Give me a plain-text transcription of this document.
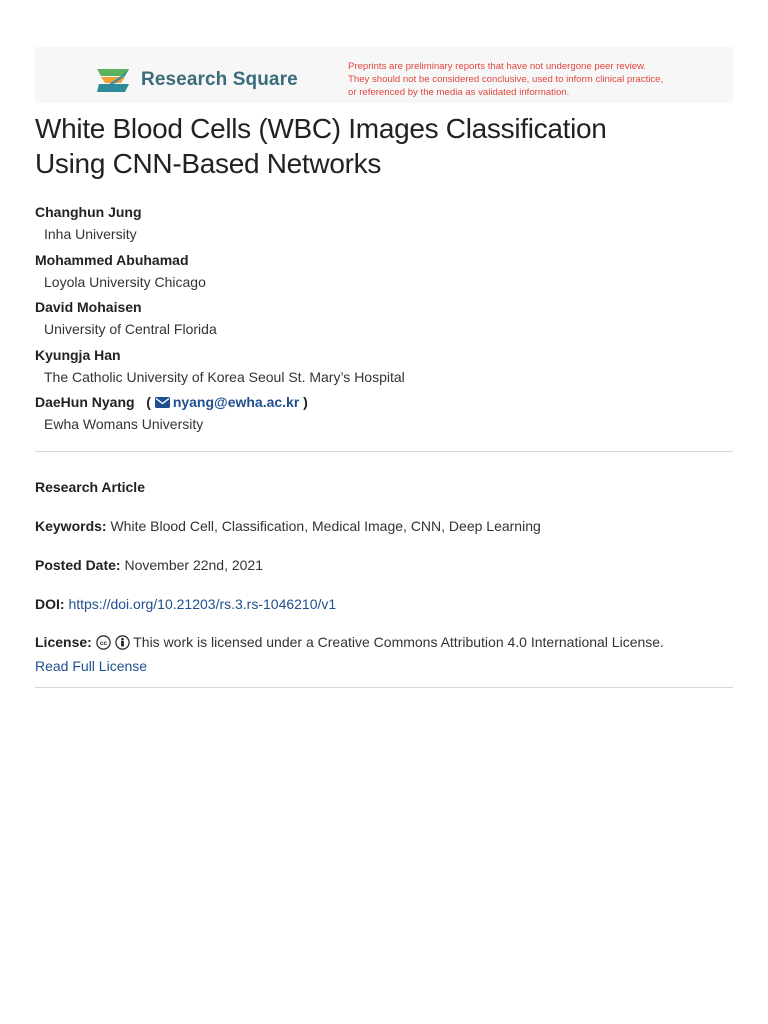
Research Square
Preprints are preliminary reports that have not undergone peer review.
They should not be considered conclusive, used to inform clinical practice,
or referenced by the media as validated information.
White Blood Cells (WBC) Images Classification
Using CNN-Based Networks
Changhun Jung
Inha University
Mohammed Abuhamad
Loyola University Chicago
David Mohaisen
University of Central Florida
Kyungja Han
The Catholic University of Korea Seoul St. Mary’s Hospital
DaeHun Nyang   ( nyang@ewha.ac.kr )
Ewha Womans University
Research Article
Keywords: White Blood Cell, Classification, Medical Image, CNN, Deep Learning
Posted Date: November 22nd, 2021
DOI: https://doi.org/10.21203/rs.3.rs-1046210/v1
License: cc This work is licensed under a Creative Commons Attribution 4.0 International License.
Read Full License
